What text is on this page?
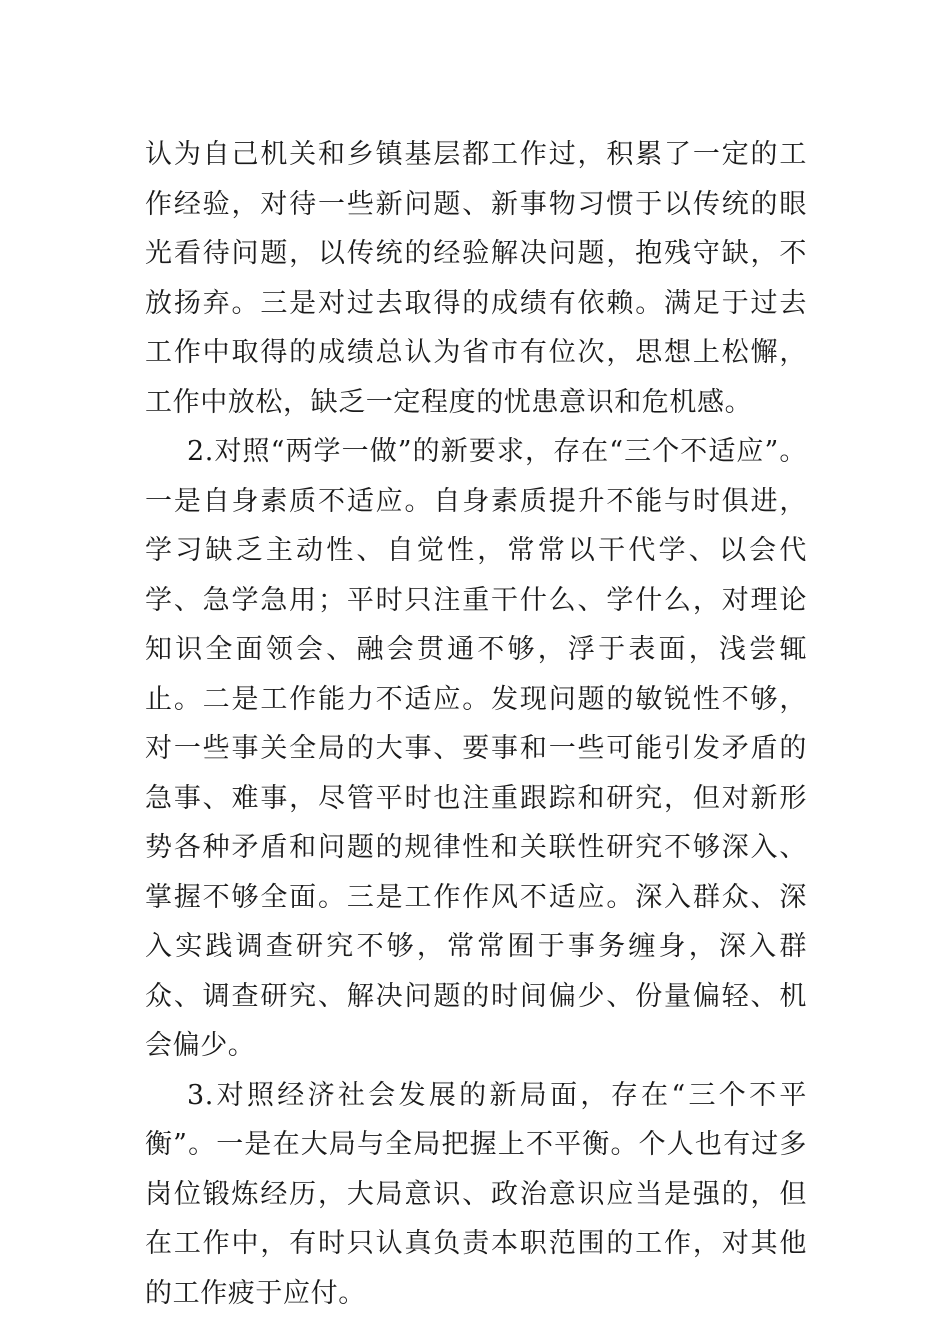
认为自己机关和乡镇基层都工作过，积累了一定的工作经验，对待一些新问题、新事物习惯于以传统的眼光看待问题，以传统的经验解决问题，抱残守缺，不放扬弃。三是对过去取得的成绩有依赖。满足于过去工作中取得的成绩总认为省市有位次，思想上松懈，工作中放松，缺乏一定程度的忧患意识和危机感。

2.对照“两学一做”的新要求，存在“三个不适应”。一是自身素质不适应。自身素质提升不能与时俱进，学习缺乏主动性、自觉性，常常以干代学、以会代学、急学急用；平时只注重干什么、学什么，对理论知识全面领会、融会贯通不够，浮于表面，浅尝辄止。二是工作能力不适应。发现问题的敏锐性不够，对一些事关全局的大事、要事和一些可能引发矛盾的急事、难事，尽管平时也注重跟踪和研究，但对新形势各种矛盾和问题的规律性和关联性研究不够深入、掌握不够全面。三是工作作风不适应。深入群众、深入实践调查研究不够，常常囿于事务缠身，深入群众、调查研究、解决问题的时间偏少、份量偏轻、机会偏少。

3.对照经济社会发展的新局面，存在“三个不平衡”。一是在大局与全局把握上不平衡。个人也有过多岗位锻炼经历，大局意识、政治意识应当是强的，但在工作中，有时只认真负责本职范围的工作，对其他的工作疲于应付。
